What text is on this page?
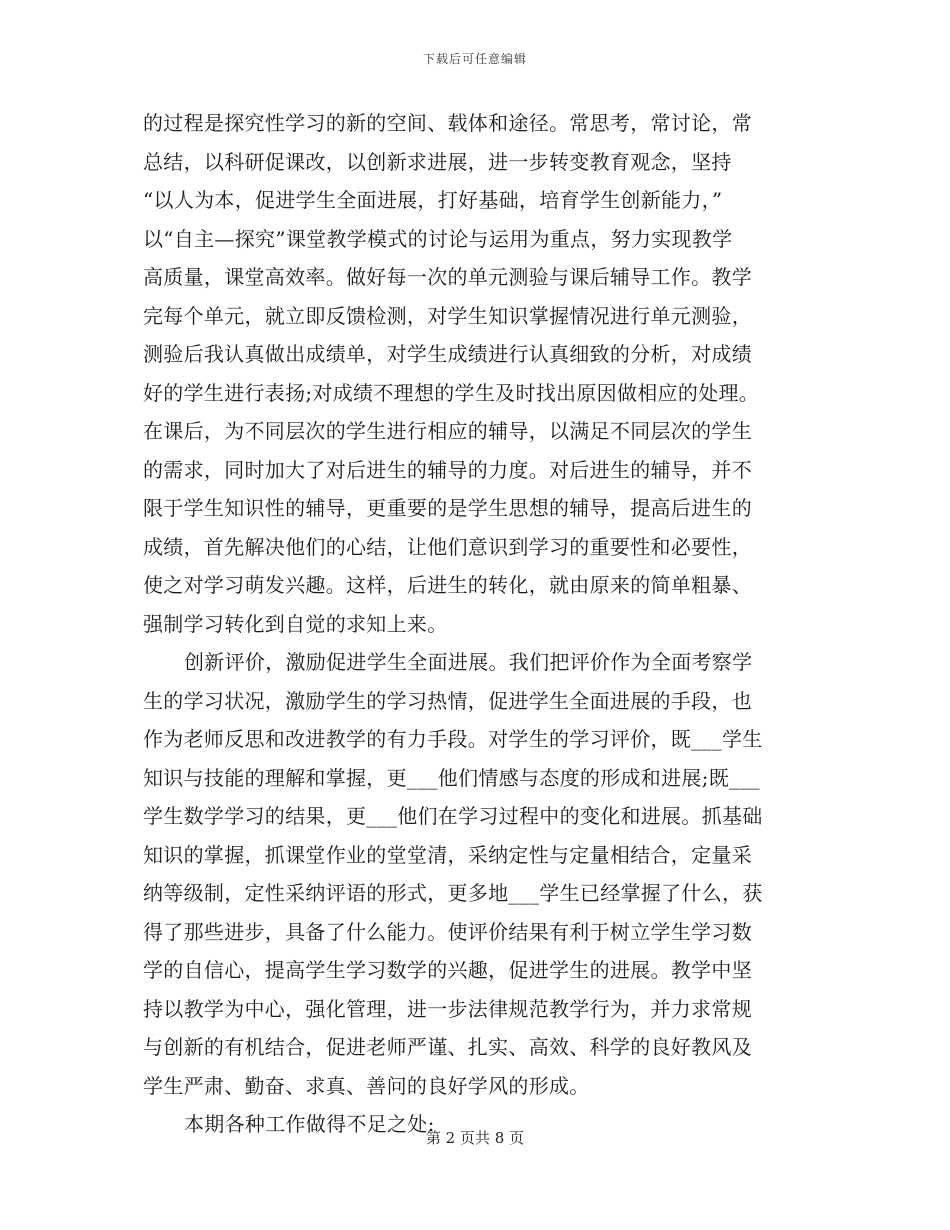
下载后可任意编辑
的过程是探究性学习的新的空间、载体和途径。常思考，常讨论，常
总结，以科研促课改，以创新求进展，进一步转变教育观念，坚持
“以人为本，促进学生全面进展，打好基础，培育学生创新能力，”
以“自主—探究”课堂教学模式的讨论与运用为重点，努力实现教学
高质量，课堂高效率。做好每一次的单元测验与课后辅导工作。教学
完每个单元，就立即反馈检测，对学生知识掌握情况进行单元测验，
测验后我认真做出成绩单，对学生成绩进行认真细致的分析，对成绩
好的学生进行表扬;对成绩不理想的学生及时找出原因做相应的处理。
在课后，为不同层次的学生进行相应的辅导，以满足不同层次的学生
的需求，同时加大了对后进生的辅导的力度。对后进生的辅导，并不
限于学生知识性的辅导，更重要的是学生思想的辅导，提高后进生的
成绩，首先解决他们的心结，让他们意识到学习的重要性和必要性，
使之对学习萌发兴趣。这样，后进生的转化，就由原来的简单粗暴、
强制学习转化到自觉的求知上来。
创新评价，激励促进学生全面进展。我们把评价作为全面考察学
生的学习状况，激励学生的学习热情，促进学生全面进展的手段，也
作为老师反思和改进教学的有力手段。对学生的学习评价，既___学生
知识与技能的理解和掌握，更___他们情感与态度的形成和进展;既___
学生数学学习的结果，更___他们在学习过程中的变化和进展。抓基础
知识的掌握，抓课堂作业的堂堂清，采纳定性与定量相结合，定量采
纳等级制，定性采纳评语的形式，更多地___学生已经掌握了什么，获
得了那些进步，具备了什么能力。使评价结果有利于树立学生学习数
学的自信心，提高学生学习数学的兴趣，促进学生的进展。教学中坚
持以教学为中心，强化管理，进一步法律规范教学行为，并力求常规
与创新的有机结合，促进老师严谨、扎实、高效、科学的良好教风及
学生严肃、勤奋、求真、善问的良好学风的形成。
本期各种工作做得不足之处:
第 2 页共 8 页
